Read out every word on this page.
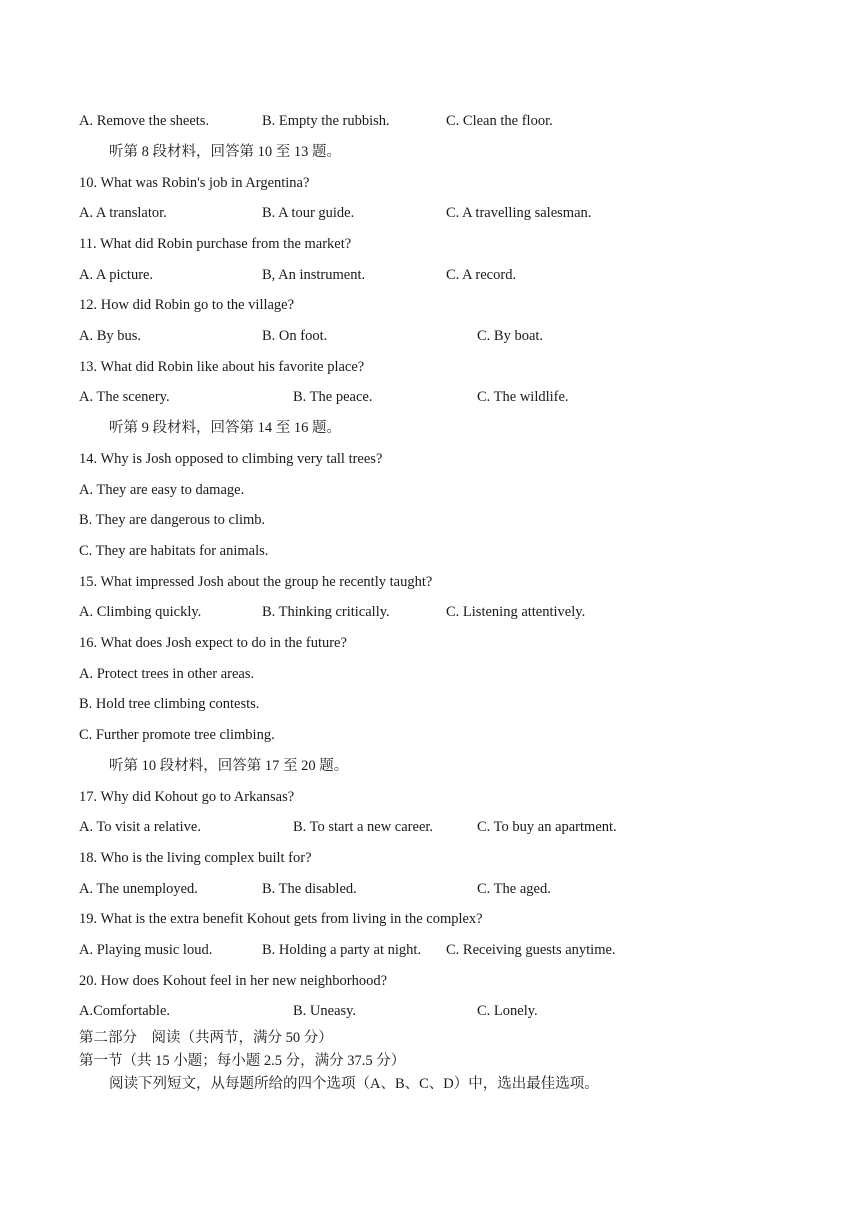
A. Remove the sheets.	B. Empty the rubbish.	C. Clean the floor.
听第 8 段材料，回答第 10 至 13 题。
10. What was Robin's job in Argentina?
A. A translator.	B. A tour guide.	C. A travelling salesman.
11. What did Robin purchase from the market?
A. A picture.	B, An instrument.	C. A record.
12. How did Robin go to the village?
A. By bus.	B. On foot.	C. By boat.
13. What did Robin like about his favorite place?
A. The scenery.	B. The peace.	C. The wildlife.
听第 9 段材料，回答第 14 至 16 题。
14. Why is Josh opposed to climbing very tall trees?
A. They are easy to damage.
B. They are dangerous to climb.
C. They are habitats for animals.
15. What impressed Josh about the group he recently taught?
A. Climbing quickly.	B. Thinking critically.	C. Listening attentively.
16. What does Josh expect to do in the future?
A. Protect trees in other areas.
B. Hold tree climbing contests.
C. Further promote tree climbing.
听第 10 段材料，回答第 17 至 20 题。
17. Why did Kohout go to Arkansas?
A. To visit a relative.	B. To start a new career.	C. To buy an apartment.
18. Who is the living complex built for?
A. The unemployed.	B. The disabled.	C. The aged.
19. What is the extra benefit Kohout gets from living in the complex?
A. Playing music loud.	B. Holding a party at night. C. Receiving guests anytime.
20. How does Kohout feel in her new neighborhood?
A.Comfortable.	B. Uneasy.	C. Lonely.
第二部分　阅读（共两节，满分 50 分）
第一节（共 15 小题；每小题 2.5 分，满分 37.5 分）
阅读下列短文，从每题所给的四个选项（A、B、C、D）中，选出最佳选项。
